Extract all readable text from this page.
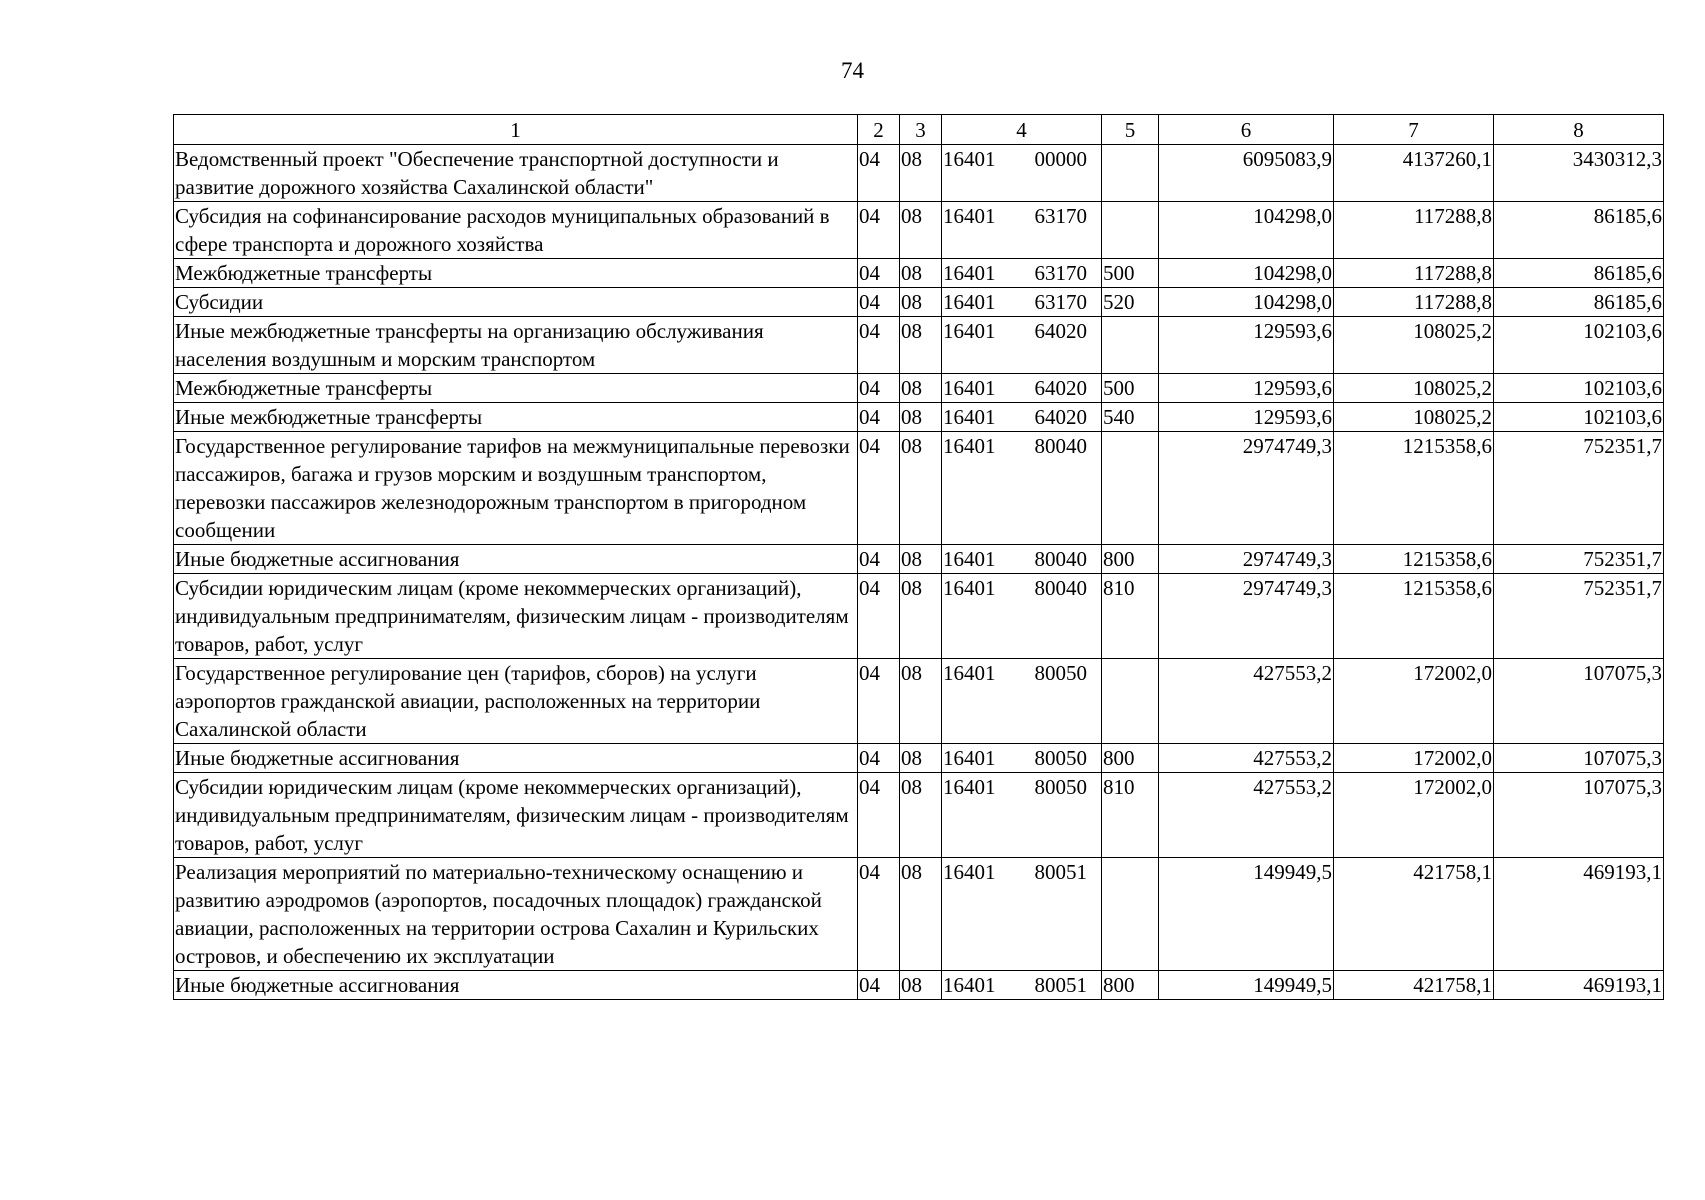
74
1	2	3	4	5	6	7	8
Ведомственный проект "Обеспечение транспортной доступности и развитие дорожного хозяйства Сахалинской области"	04	08	16401 00000		6095083,9	4137260,1	3430312,3
Субсидия на софинансирование расходов муниципальных образований в сфере транспорта и дорожного хозяйства	04	08	16401 63170		104298,0	117288,8	86185,6
Межбюджетные трансферты	04	08	16401 63170	500	104298,0	117288,8	86185,6
Субсидии	04	08	16401 63170	520	104298,0	117288,8	86185,6
Иные межбюджетные трансферты на организацию обслуживания населения воздушным и морским транспортом	04	08	16401 64020		129593,6	108025,2	102103,6
Межбюджетные трансферты	04	08	16401 64020	500	129593,6	108025,2	102103,6
Иные межбюджетные трансферты	04	08	16401 64020	540	129593,6	108025,2	102103,6
Государственное регулирование тарифов на межмуниципальные перевозки пассажиров, багажа и грузов морским и воздушным транспортом, перевозки пассажиров железнодорожным транспортом в пригородном сообщении	04	08	16401 80040		2974749,3	1215358,6	752351,7
Иные бюджетные ассигнования	04	08	16401 80040	800	2974749,3	1215358,6	752351,7
Субсидии юридическим лицам (кроме некоммерческих организаций), индивидуальным предпринимателям, физическим лицам - производителям товаров, работ, услуг	04	08	16401 80040	810	2974749,3	1215358,6	752351,7
Государственное регулирование цен (тарифов, сборов) на услуги аэропортов гражданской авиации, расположенных на территории Сахалинской области	04	08	16401 80050		427553,2	172002,0	107075,3
Иные бюджетные ассигнования	04	08	16401 80050	800	427553,2	172002,0	107075,3
Субсидии юридическим лицам (кроме некоммерческих организаций), индивидуальным предпринимателям, физическим лицам - производителям товаров, работ, услуг	04	08	16401 80050	810	427553,2	172002,0	107075,3
Реализация мероприятий по материально-техническому оснащению и развитию аэродромов (аэропортов, посадочных площадок) гражданской авиации, расположенных на территории острова Сахалин и Курильских островов, и обеспечению их эксплуатации	04	08	16401 80051		149949,5	421758,1	469193,1
Иные бюджетные ассигнования	04	08	16401 80051	800	149949,5	421758,1	469193,1
